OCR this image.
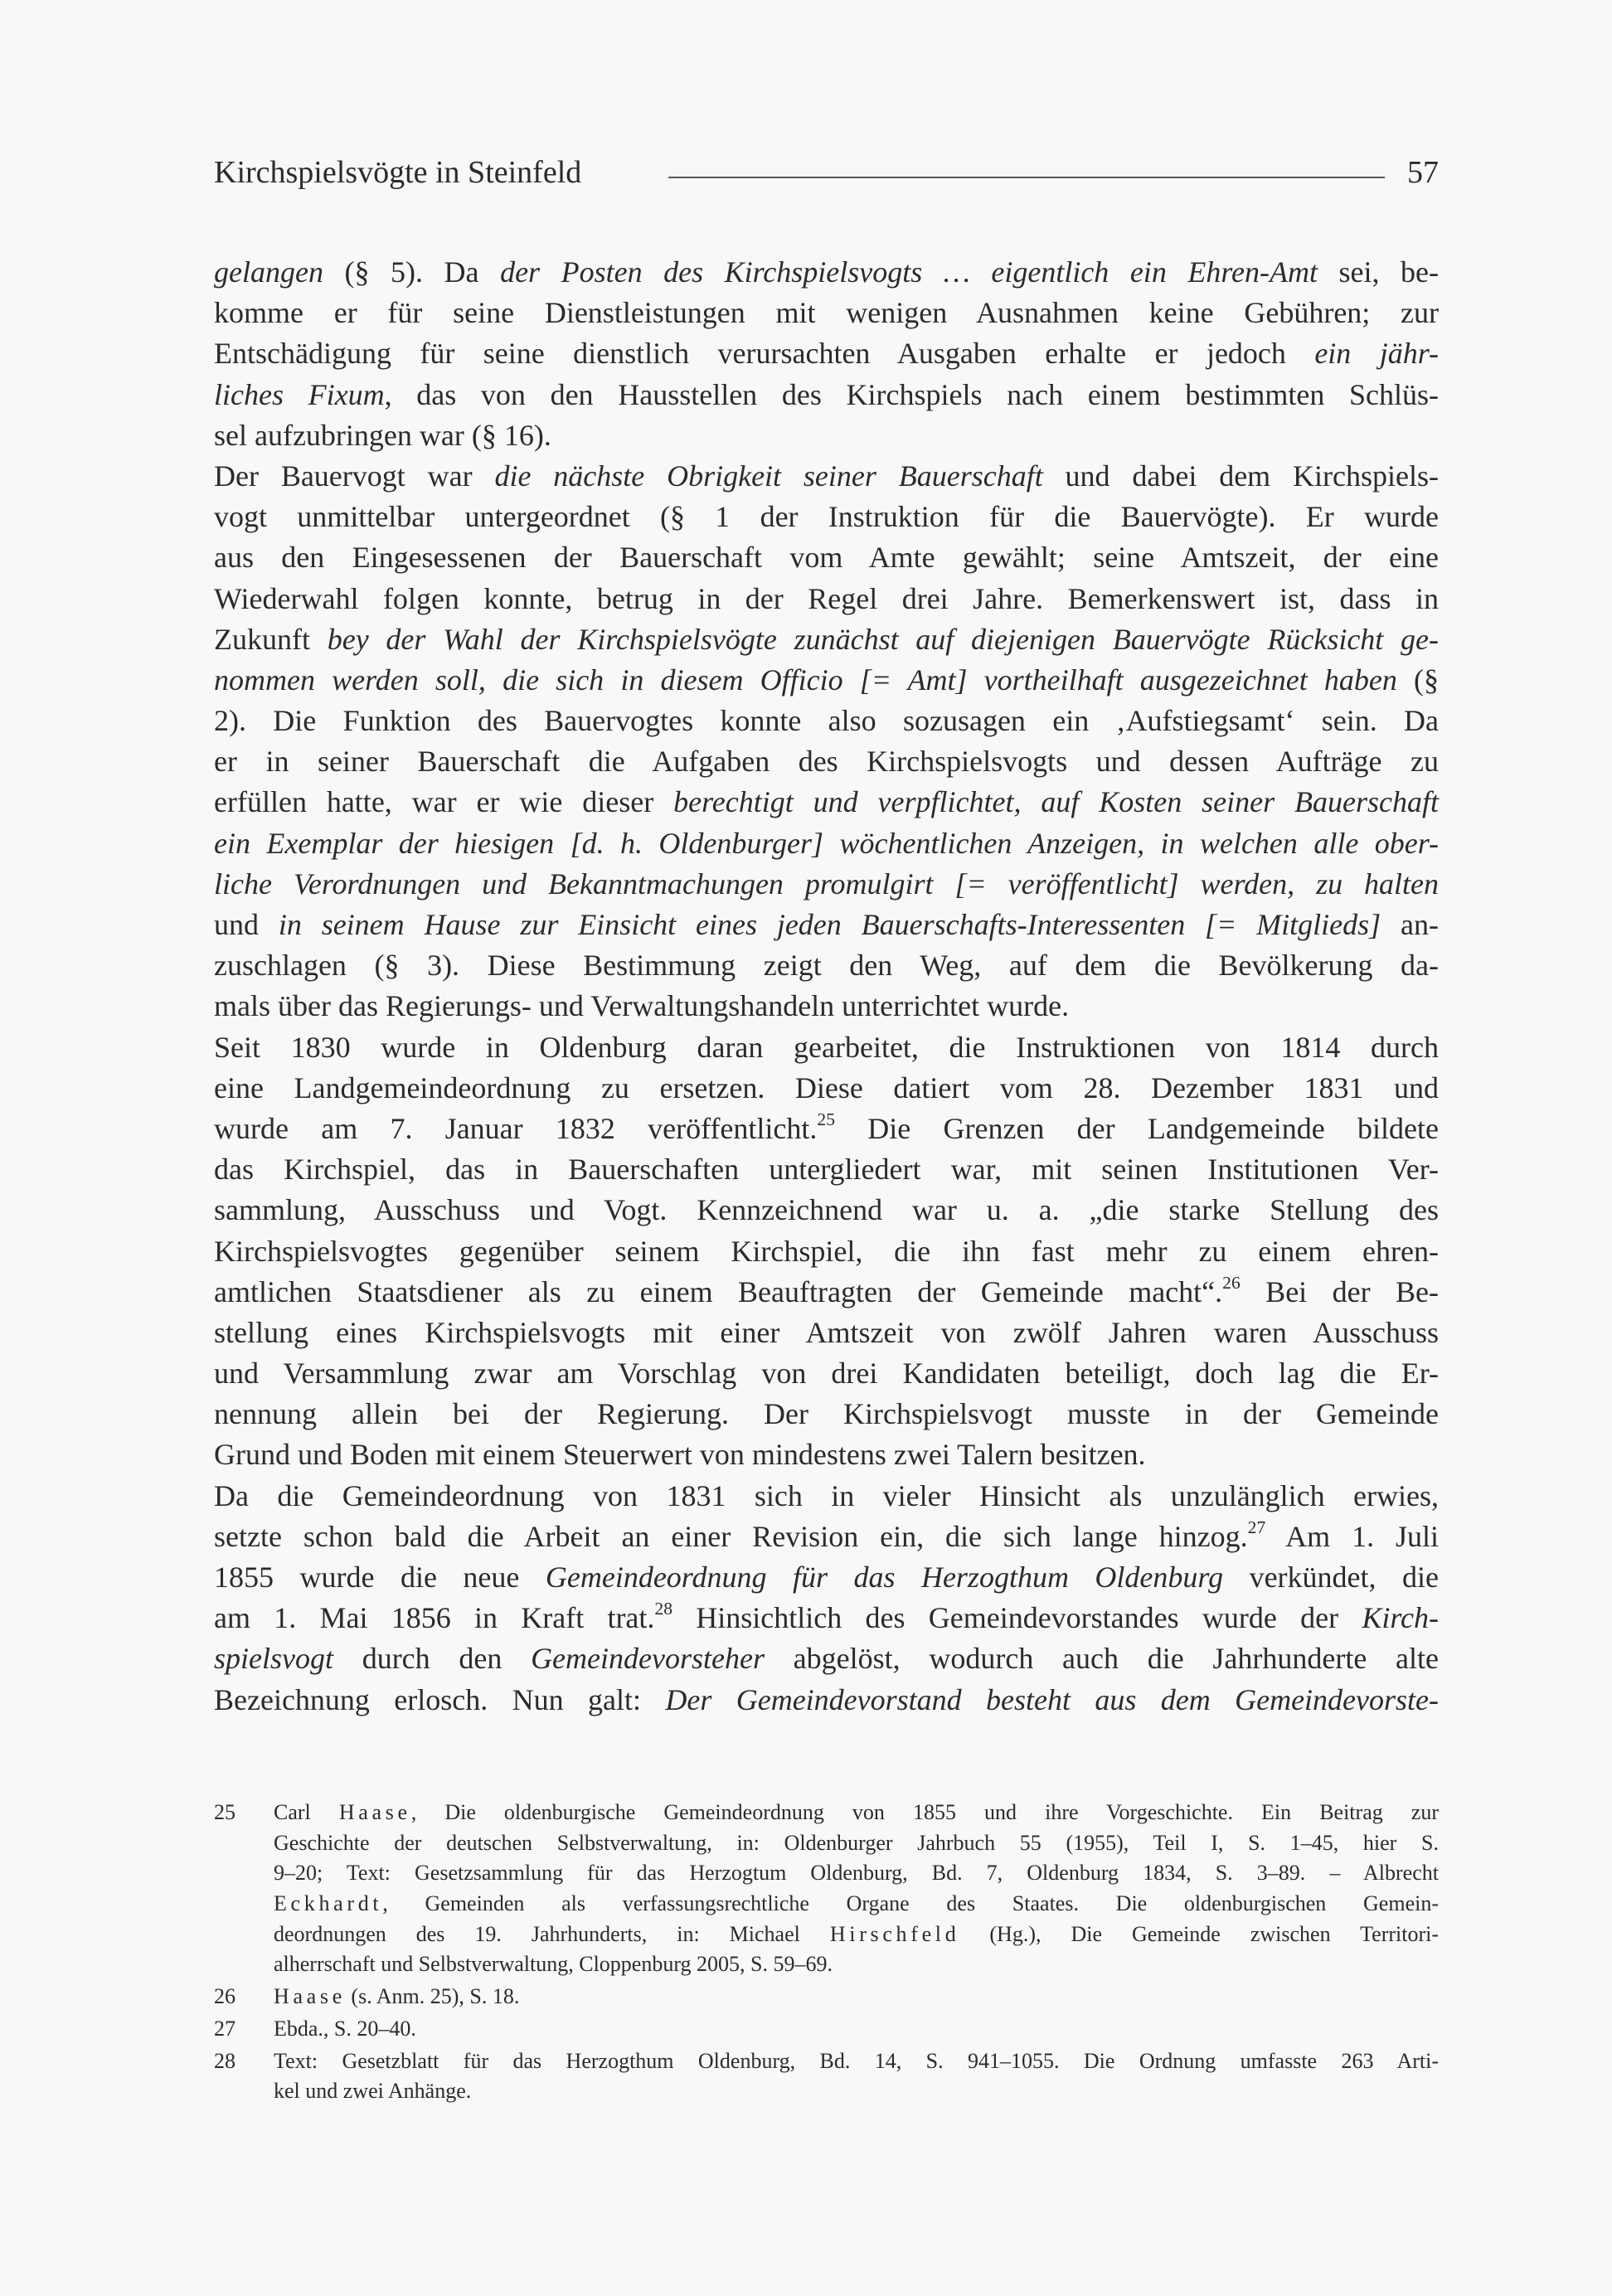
Kirchspielsvögte in Steinfeld	57
gelangen (§ 5). Da der Posten des Kirchspielsvogts … eigentlich ein Ehren-Amt sei, be-
komme er für seine Dienstleistungen mit wenigen Ausnahmen keine Gebühren; zur
Entschädigung für seine dienstlich verursachten Ausgaben erhalte er jedoch ein jähr-
liches Fixum, das von den Hausstellen des Kirchspiels nach einem bestimmten Schlüs-
sel aufzubringen war (§ 16).
Der Bauervogt war die nächste Obrigkeit seiner Bauerschaft und dabei dem Kirchspiels-
vogt unmittelbar untergeordnet (§ 1 der Instruktion für die Bauervögte). Er wurde
aus den Eingesessenen der Bauerschaft vom Amte gewählt; seine Amtszeit, der eine
Wiederwahl folgen konnte, betrug in der Regel drei Jahre. Bemerkenswert ist, dass in
Zukunft bey der Wahl der Kirchspielsvögte zunächst auf diejenigen Bauervögte Rücksicht ge-
nommen werden soll, die sich in diesem Officio [= Amt] vortheilhaft ausgezeichnet haben (§
2). Die Funktion des Bauervogtes konnte also sozusagen ein ‚Aufstiegsamt‘ sein. Da
er in seiner Bauerschaft die Aufgaben des Kirchspielsvogts und dessen Aufträge zu
erfüllen hatte, war er wie dieser berechtigt und verpflichtet, auf Kosten seiner Bauerschaft
ein Exemplar der hiesigen [d. h. Oldenburger] wöchentlichen Anzeigen, in welchen alle ober-
liche Verordnungen und Bekanntmachungen promulgirt [= veröffentlicht] werden, zu halten
und in seinem Hause zur Einsicht eines jeden Bauerschafts-Interessenten [= Mitglieds] an-
zuschlagen (§ 3). Diese Bestimmung zeigt den Weg, auf dem die Bevölkerung da-
mals über das Regierungs- und Verwaltungshandeln unterrichtet wurde.
Seit 1830 wurde in Oldenburg daran gearbeitet, die Instruktionen von 1814 durch
eine Landgemeindeordnung zu ersetzen. Diese datiert vom 28. Dezember 1831 und
wurde am 7. Januar 1832 veröffentlicht.$^{25}$ Die Grenzen der Landgemeinde bildete
das Kirchspiel, das in Bauerschaften untergliedert war, mit seinen Institutionen Ver-
sammlung, Ausschuss und Vogt. Kennzeichnend war u. a. „die starke Stellung des
Kirchspielsvogtes gegenüber seinem Kirchspiel, die ihn fast mehr zu einem ehren-
amtlichen Staatsdiener als zu einem Beauftragten der Gemeinde macht“.$^{26}$ Bei der Be-
stellung eines Kirchspielsvogts mit einer Amtszeit von zwölf Jahren waren Ausschuss
und Versammlung zwar am Vorschlag von drei Kandidaten beteiligt, doch lag die Er-
nennung allein bei der Regierung. Der Kirchspielsvogt musste in der Gemeinde
Grund und Boden mit einem Steuerwert von mindestens zwei Talern besitzen.
Da die Gemeindeordnung von 1831 sich in vieler Hinsicht als unzulänglich erwies,
setzte schon bald die Arbeit an einer Revision ein, die sich lange hinzog.$^{27}$ Am 1. Juli
1855 wurde die neue Gemeindeordnung für das Herzogthum Oldenburg verkündet, die
am 1. Mai 1856 in Kraft trat.$^{28}$ Hinsichtlich des Gemeindevorstandes wurde der Kirch-
spielsvogt durch den Gemeindevorsteher abgelöst, wodurch auch die Jahrhunderte alte
Bezeichnung erlosch. Nun galt: Der Gemeindevorstand besteht aus dem Gemeindevorste-
25 Carl Haase, Die oldenburgische Gemeindeordnung von 1855 und ihre Vorgeschichte. Ein Beitrag zur
Geschichte der deutschen Selbstverwaltung, in: Oldenburger Jahrbuch 55 (1955), Teil I, S. 1–45, hier S.
9–20; Text: Gesetzsammlung für das Herzogtum Oldenburg, Bd. 7, Oldenburg 1834, S. 3–89. – Albrecht
Eckhardt, Gemeinden als verfassungsrechtliche Organe des Staates. Die oldenburgischen Gemein-
deordnungen des 19. Jahrhunderts, in: Michael Hirschfeld (Hg.), Die Gemeinde zwischen Territori-
alherrschaft und Selbstverwaltung, Cloppenburg 2005, S. 59–69.
26 Haase (s. Anm. 25), S. 18.
27 Ebda., S. 20–40.
28 Text: Gesetzblatt für das Herzogthum Oldenburg, Bd. 14, S. 941–1055. Die Ordnung umfasste 263 Arti-
kel und zwei Anhänge.
